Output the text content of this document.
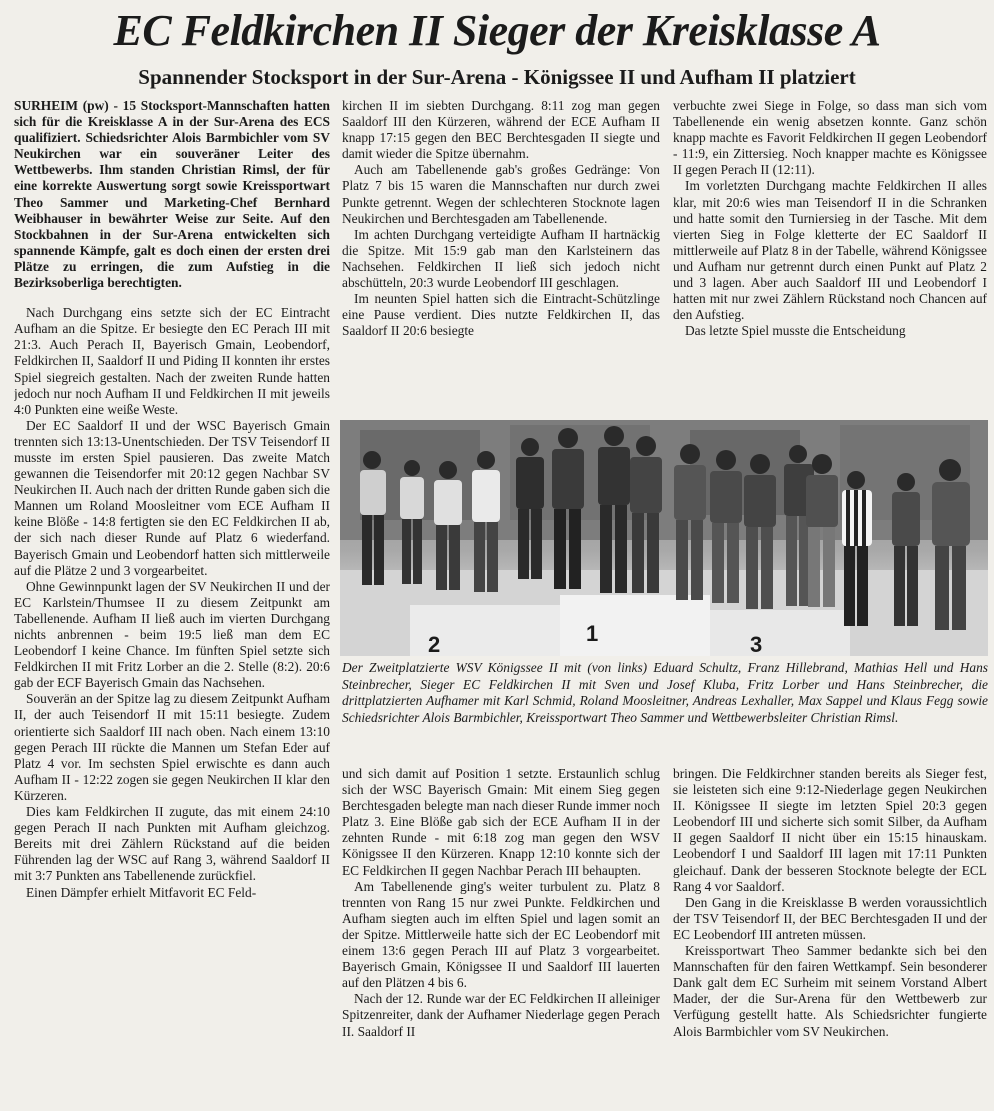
EC Feldkirchen II Sieger der Kreisklasse A
Spannender Stocksport in der Sur-Arena - Königssee II und Aufham II platziert

SURHEIM (pw) - 15 Stocksport-Mannschaften hatten sich für die Kreisklasse A in der Sur-Arena des ECS qualifiziert. Schiedsrichter Alois Barmbichler vom SV Neukirchen war ein souveräner Leiter des Wettbewerbs. Ihm standen Christian Rimsl, der für eine korrekte Auswertung sorgt sowie Kreissportwart Theo Sammer und Marketing-Chef Bernhard Weibhauser in bewährter Weise zur Seite. Auf den Stockbahnen in der Sur-Arena entwickelten sich spannende Kämpfe, galt es doch einen der ersten drei Plätze zu erringen, die zum Aufstieg in die Bezirksoberliga berechtigten.

Nach Durchgang eins setzte sich der EC Eintracht Aufham an die Spitze. Er besiegte den EC Perach III mit 21:3. Auch Perach II, Bayerisch Gmain, Leobendorf, Feldkirchen II, Saaldorf II und Piding II konnten ihr erstes Spiel siegreich gestalten. Nach der zweiten Runde hatten jedoch nur noch Aufham II und Feldkirchen II mit jeweils 4:0 Punkten eine weiße Weste.

Der EC Saaldorf II und der WSC Bayerisch Gmain trennten sich 13:13-Unentschieden. Der TSV Teisendorf II musste im ersten Spiel pausieren. Das zweite Match gewannen die Teisendorfer mit 20:12 gegen Nachbar SV Neukirchen II. Auch nach der dritten Runde gaben sich die Mannen um Roland Moosleitner vom ECE Aufham II keine Blöße - 14:8 fertigten sie den EC Feldkirchen II ab, der sich nach dieser Runde auf Platz 6 wiederfand. Bayerisch Gmain und Leobendorf hatten sich mittlerweile auf die Plätze 2 und 3 vorgearbeitet.

Ohne Gewinnpunkt lagen der SV Neukirchen II und der EC Karlstein/Thumsee II zu diesem Zeitpunkt am Tabellenende. Aufham II ließ auch im vierten Durchgang nichts anbrennen - beim 19:5 ließ man dem EC Leobendorf I keine Chance. Im fünften Spiel setzte sich Feldkirchen II mit Fritz Lorber an die 2. Stelle (8:2). 20:6 gab der ECF Bayerisch Gmain das Nachsehen.

Souverän an der Spitze lag zu diesem Zeitpunkt Aufham II, der auch Teisendorf II mit 15:11 besiegte. Zudem orientierte sich Saaldorf III nach oben. Nach einem 13:10 gegen Perach III rückte die Mannen um Stefan Eder auf Platz 4 vor. Im sechsten Spiel erwischte es dann auch Aufham II - 12:22 zogen sie gegen Neukirchen II klar den Kürzeren.

Dies kam Feldkirchen II zugute, das mit einem 24:10 gegen Perach II nach Punkten mit Aufham gleichzog. Bereits mit drei Zählern Rückstand auf die beiden Führenden lag der WSC auf Rang 3, während Saaldorf II mit 3:7 Punkten ans Tabellenende zurückfiel.

Einen Dämpfer erhielt Mitfavorit EC Feld-

kirchen II im siebten Durchgang. 8:11 zog man gegen Saaldorf III den Kürzeren, während der ECE Aufham II knapp 17:15 gegen den BEC Berchtesgaden II siegte und damit wieder die Spitze übernahm.

Auch am Tabellenende gab's großes Gedränge: Von Platz 7 bis 15 waren die Mannschaften nur durch zwei Punkte getrennt. Wegen der schlechteren Stocknote lagen Neukirchen und Berchtesgaden am Tabellenende.

Im achten Durchgang verteidigte Aufham II hartnäckig die Spitze. Mit 15:9 gab man den Karlsteinern das Nachsehen. Feldkirchen II ließ sich jedoch nicht abschütteln, 20:3 wurde Leobendorf III geschlagen.

Im neunten Spiel hatten sich die Eintracht-Schützlinge eine Pause verdient. Dies nutzte Feldkirchen II, das Saaldorf II 20:6 besiegte

verbuchte zwei Siege in Folge, so dass man sich vom Tabellenende ein wenig absetzen konnte. Ganz schön knapp machte es Favorit Feldkirchen II gegen Leobendorf - 11:9, ein Zittersieg. Noch knapper machte es Königssee II gegen Perach II (12:11).

Im vorletzten Durchgang machte Feldkirchen II alles klar, mit 20:6 wies man Teisendorf II in die Schranken und hatte somit den Turniersieg in der Tasche. Mit dem vierten Sieg in Folge kletterte der EC Saaldorf II mittlerweile auf Platz 8 in der Tabelle, während Königssee und Aufham nur getrennt durch einen Punkt auf Platz 2 und 3 lagen. Aber auch Saaldorf III und Leobendorf I hatten mit nur zwei Zählern Rückstand noch Chancen auf den Aufstieg.

Das letzte Spiel musste die Entscheidung

2	1	3

Der Zweitplatzierte WSV Königssee II mit (von links) Eduard Schultz, Franz Hillebrand, Mathias Hell und Hans Steinbrecher, Sieger EC Feldkirchen II mit Sven und Josef Kluba, Fritz Lorber und Hans Steinbrecher, die drittplatzierten Aufhamer mit Karl Schmid, Roland Moosleitner, Andreas Lexhaller, Max Sappel und Klaus Fegg sowie Schiedsrichter Alois Barmbichler, Kreissportwart Theo Sammer und Wettbewerbsleiter Christian Rimsl.

und sich damit auf Position 1 setzte. Erstaunlich schlug sich der WSC Bayerisch Gmain: Mit einem Sieg gegen Berchtesgaden belegte man nach dieser Runde immer noch Platz 3. Eine Blöße gab sich der ECE Aufham II in der zehnten Runde - mit 6:18 zog man gegen den WSV Königssee II den Kürzeren. Knapp 12:10 konnte sich der EC Feldkirchen II gegen Nachbar Perach III behaupten.

Am Tabellenende ging's weiter turbulent zu. Platz 8 trennten von Rang 15 nur zwei Punkte. Feldkirchen und Aufham siegten auch im elften Spiel und lagen somit an der Spitze. Mittlerweile hatte sich der EC Leobendorf mit einem 13:6 gegen Perach III auf Platz 3 vorgearbeitet. Bayerisch Gmain, Königssee II und Saaldorf III lauerten auf den Plätzen 4 bis 6.

Nach der 12. Runde war der EC Feldkirchen II alleiniger Spitzenreiter, dank der Aufhamer Niederlage gegen Perach II. Saaldorf II

bringen. Die Feldkirchner standen bereits als Sieger fest, sie leisteten sich eine 9:12-Niederlage gegen Neukirchen II. Königssee II siegte im letzten Spiel 20:3 gegen Leobendorf III und sicherte sich somit Silber, da Aufham II gegen Saaldorf II nicht über ein 15:15 hinauskam. Leobendorf I und Saaldorf III lagen mit 17:11 Punkten gleichauf. Dank der besseren Stocknote belegte der ECL Rang 4 vor Saaldorf.

Den Gang in die Kreisklasse B werden voraussichtlich der TSV Teisendorf II, der BEC Berchtesgaden II und der EC Leobendorf III antreten müssen.

Kreissportwart Theo Sammer bedankte sich bei den Mannschaften für den fairen Wettkampf. Sein besonderer Dank galt dem EC Surheim mit seinem Vorstand Albert Mader, der die Sur-Arena für den Wettbewerb zur Verfügung gestellt hatte. Als Schiedsrichter fungierte Alois Barmbichler vom SV Neukirchen.
